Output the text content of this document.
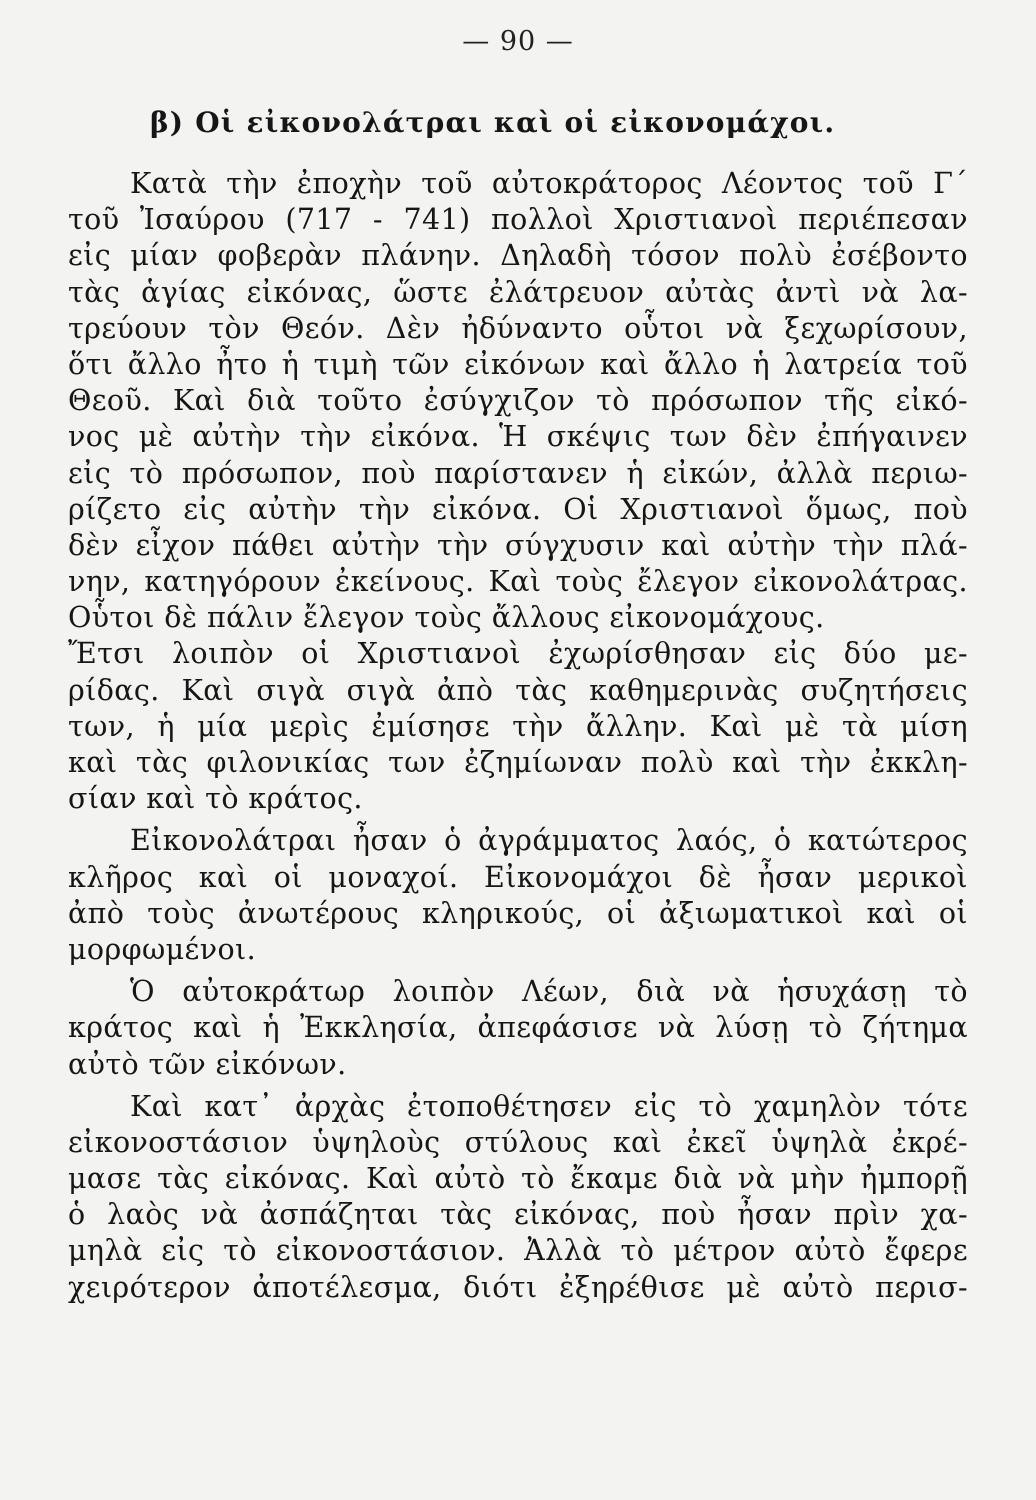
— 90 —
β) Οἱ εἰκονολάτραι καὶ οἱ εἰκονομάχοι.
Κατὰ τὴν ἐποχὴν τοῦ αὐτοκράτορος Λέοντος τοῦ Γ΄
τοῦ Ἰσαύρου (717 - 741) πολλοὶ Χριστιανοὶ περιέπεσαν
εἰς μίαν φοβερὰν πλάνην. Δηλαδὴ τόσον πολὺ ἐσέβοντο
τὰς ἁγίας εἰκόνας, ὥστε ἐλάτρευον αὐτὰς ἀντὶ νὰ λα-
τρεύουν τὸν Θεόν. Δὲν ἠδύναντο οὗτοι νὰ ξεχωρίσουν,
ὅτι ἄλλο ἦτο ἡ τιμὴ τῶν εἰκόνων καὶ ἄλλο ἡ λατρεία τοῦ
Θεοῦ. Καὶ διὰ τοῦτο ἐσύγχιζον τὸ πρόσωπον τῆς εἰκό-
νος μὲ αὐτὴν τὴν εἰκόνα. Ἡ σκέψις των δὲν ἐπήγαινεν
εἰς τὸ πρόσωπον, ποὺ παρίστανεν ἡ εἰκών, ἀλλὰ περιω-
ρίζετο εἰς αὐτὴν τὴν εἰκόνα. Οἱ Χριστιανοὶ ὅμως, ποὺ
δὲν εἶχον πάθει αὐτὴν τὴν σύγχυσιν καὶ αὐτὴν τὴν πλά-
νην, κατηγόρουν ἐκείνους. Καὶ τοὺς ἔλεγον εἰκονολάτρας.
Οὗτοι δὲ πάλιν ἔλεγον τοὺς ἄλλους εἰκονομάχους.
Ἔτσι λοιπὸν οἱ Χριστιανοὶ ἐχωρίσθησαν εἰς δύο με-
ρίδας. Καὶ σιγὰ σιγὰ ἀπὸ τὰς καθημερινὰς συζητήσεις
των, ἡ μία μερὶς ἐμίσησε τὴν ἄλλην. Καὶ μὲ τὰ μίση
καὶ τὰς φιλονικίας των ἐζημίωναν πολὺ καὶ τὴν ἐκκλη-
σίαν καὶ τὸ κράτος.
Εἰκονολάτραι ἦσαν ὁ ἀγράμματος λαός, ὁ κατώτερος
κλῆρος καὶ οἱ μοναχοί. Εἰκονομάχοι δὲ ἦσαν μερικοὶ
ἀπὸ τοὺς ἀνωτέρους κληρικούς, οἱ ἀξιωματικοὶ καὶ οἱ
μορφωμένοι.
Ὁ αὐτοκράτωρ λοιπὸν Λέων, διὰ νὰ ἡσυχάσῃ τὸ
κράτος καὶ ἡ Ἐκκλησία, ἀπεφάσισε νὰ λύσῃ τὸ ζήτημα
αὐτὸ τῶν εἰκόνων.
Καὶ κατ᾿ ἀρχὰς ἐτοποθέτησεν εἰς τὸ χαμηλὸν τότε
εἰκονοστάσιον ὑψηλοὺς στύλους καὶ ἐκεῖ ὑψηλὰ ἐκρέ-
μασε τὰς εἰκόνας. Καὶ αὐτὸ τὸ ἔκαμε διὰ νὰ μὴν ἠμπορῇ
ὁ λαὸς νὰ ἀσπάζηται τὰς εἰκόνας, ποὺ ἦσαν πρὶν χα-
μηλὰ εἰς τὸ εἰκονοστάσιον. Ἀλλὰ τὸ μέτρον αὐτὸ ἔφερε
χειρότερον ἀποτέλεσμα, διότι ἐξηρέθισε μὲ αὐτὸ περισ-
